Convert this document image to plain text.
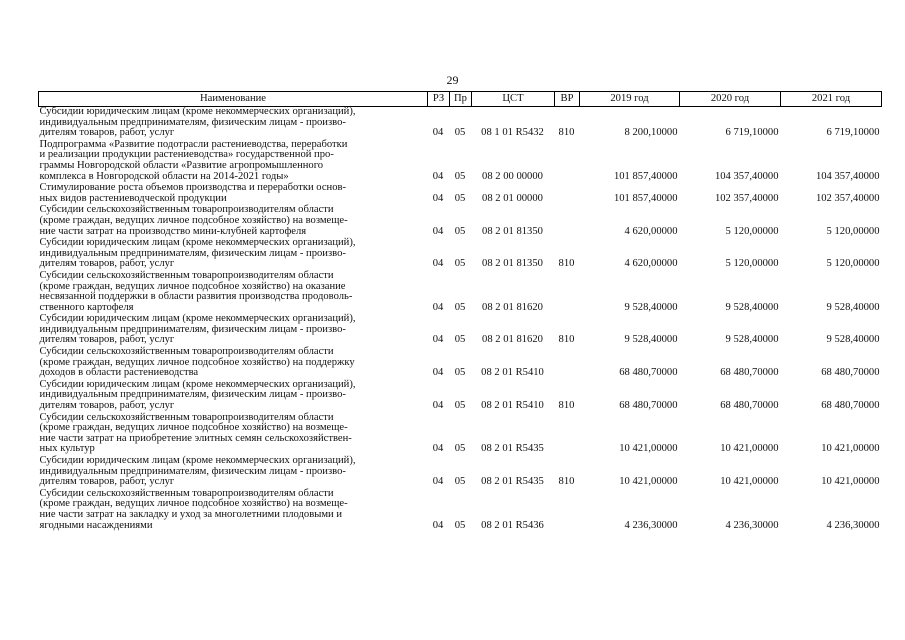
29
Наименование	РЗ	Пр	ЦСТ	ВР	2019 год	2020 год	2021 год

Субсидии юридическим лицам (кроме некоммерческих организаций),
индивидуальным предпринимателям, физическим лицам - произво-
дителям товаров, работ, услуг	04	05	08 1 01 R5432	810	8 200,10000	6 719,10000	6 719,10000

Подпрограмма «Развитие подотрасли растениеводства, переработки
и реализации продукции растениеводства» государственной про-
граммы Новгородской области «Развитие агропромышленного
комплекса в Новгородской области на 2014-2021 годы»	04	05	08 2 00 00000		101 857,40000	104 357,40000	104 357,40000

Стимулирование роста объемов производства и переработки основ-
ных видов растениеводческой продукции	04	05	08 2 01 00000		101 857,40000	102 357,40000	102 357,40000

Субсидии сельскохозяйственным товаропроизводителям области
(кроме граждан, ведущих личное подсобное хозяйство) на возмеще-
ние части затрат на производство мини-клубней картофеля	04	05	08 2 01 81350		4 620,00000	5 120,00000	5 120,00000

Субсидии юридическим лицам (кроме некоммерческих организаций),
индивидуальным предпринимателям, физическим лицам - произво-
дителям товаров, работ, услуг	04	05	08 2 01 81350	810	4 620,00000	5 120,00000	5 120,00000

Субсидии сельскохозяйственным товаропроизводителям области
(кроме граждан, ведущих личное подсобное хозяйство) на оказание
несвязанной поддержки в области развития производства продоволь-
ственного картофеля	04	05	08 2 01 81620		9 528,40000	9 528,40000	9 528,40000

Субсидии юридическим лицам (кроме некоммерческих организаций),
индивидуальным предпринимателям, физическим лицам - произво-
дителям товаров, работ, услуг	04	05	08 2 01 81620	810	9 528,40000	9 528,40000	9 528,40000

Субсидии сельскохозяйственным товаропроизводителям области
(кроме граждан, ведущих личное подсобное хозяйство) на поддержку
доходов в области растениеводства	04	05	08 2 01 R5410		68 480,70000	68 480,70000	68 480,70000

Субсидии юридическим лицам (кроме некоммерческих организаций),
индивидуальным предпринимателям, физическим лицам - произво-
дителям товаров, работ, услуг	04	05	08 2 01 R5410	810	68 480,70000	68 480,70000	68 480,70000

Субсидии сельскохозяйственным товаропроизводителям области
(кроме граждан, ведущих личное подсобное хозяйство) на возмеще-
ние части затрат на приобретение элитных семян сельскохозяйствен-
ных культур	04	05	08 2 01 R5435		10 421,00000	10 421,00000	10 421,00000

Субсидии юридическим лицам (кроме некоммерческих организаций),
индивидуальным предпринимателям, физическим лицам - произво-
дителям товаров, работ, услуг	04	05	08 2 01 R5435	810	10 421,00000	10 421,00000	10 421,00000

Субсидии сельскохозяйственным товаропроизводителям области
(кроме граждан, ведущих личное подсобное хозяйство) на возмеще-
ние части затрат на закладку и уход за многолетними плодовыми и
ягодными насаждениями	04	05	08 2 01 R5436		4 236,30000	4 236,30000	4 236,30000
